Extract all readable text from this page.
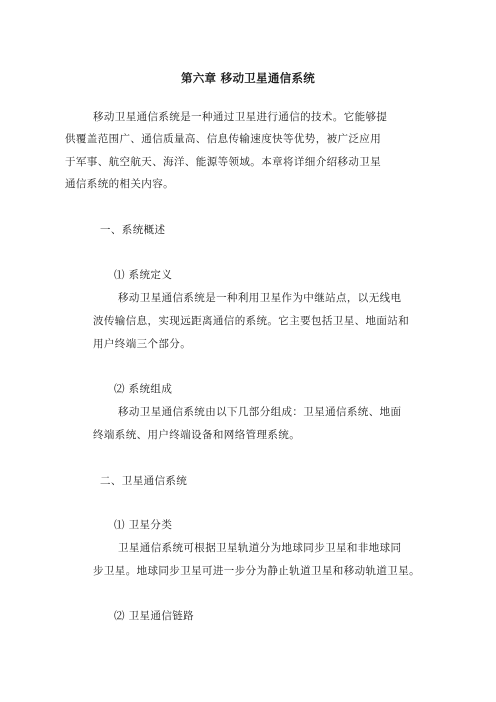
第六章 移动卫星通信系统
移动卫星通信系统是一种通过卫星进行通信的技术。它能够提
供覆盖范围广、通信质量高、信息传输速度快等优势，被广泛应用
于军事、航空航天、海洋、能源等领域。本章将详细介绍移动卫星
通信系统的相关内容。
一、系统概述
⑴ 系统定义
移动卫星通信系统是一种利用卫星作为中继站点，以无线电
波传输信息，实现远距离通信的系统。它主要包括卫星、地面站和
用户终端三个部分。
⑵ 系统组成
移动卫星通信系统由以下几部分组成：卫星通信系统、地面
终端系统、用户终端设备和网络管理系统。
二、卫星通信系统
⑴ 卫星分类
卫星通信系统可根据卫星轨道分为地球同步卫星和非地球同
步卫星。地球同步卫星可进一步分为静止轨道卫星和移动轨道卫星。
⑵ 卫星通信链路
